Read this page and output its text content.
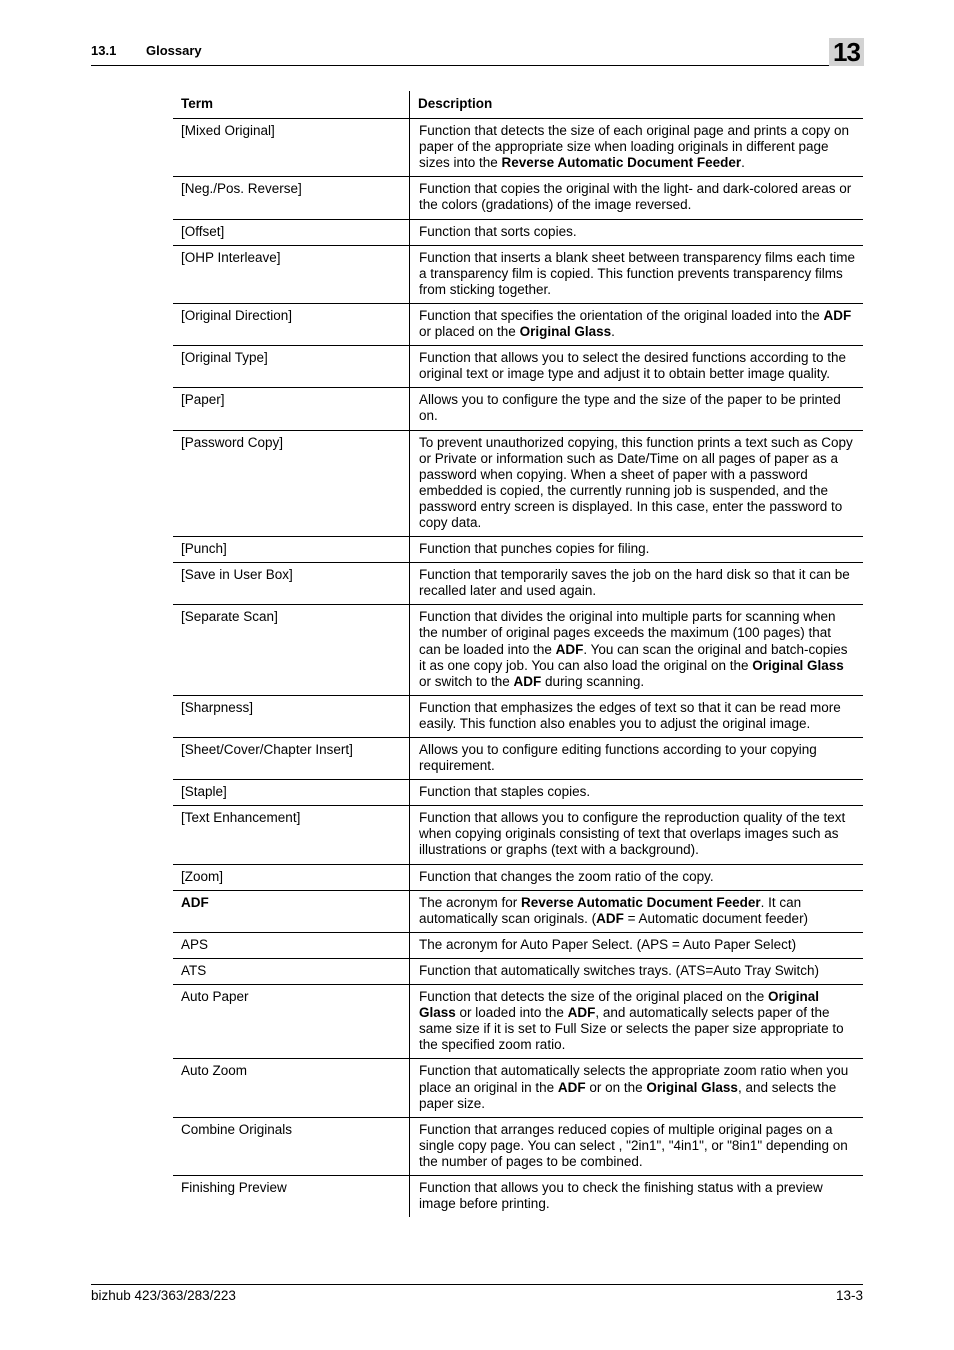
13.1 Glossary	13
Term	Description
[Mixed Original]	Function that detects the size of each original page and prints a copy on paper of the appropriate size when loading originals in different page sizes into the Reverse Automatic Document Feeder.
[Neg./Pos. Reverse]	Function that copies the original with the light- and dark-colored areas or the colors (gradations) of the image reversed.
[Offset]	Function that sorts copies.
[OHP Interleave]	Function that inserts a blank sheet between transparency films each time a transparency film is copied. This function prevents transparency films from sticking together.
[Original Direction]	Function that specifies the orientation of the original loaded into the ADF or placed on the Original Glass.
[Original Type]	Function that allows you to select the desired functions according to the original text or image type and adjust it to obtain better image quality.
[Paper]	Allows you to configure the type and the size of the paper to be printed on.
[Password Copy]	To prevent unauthorized copying, this function prints a text such as Copy or Private or information such as Date/Time on all pages of paper as a password when copying. When a sheet of paper with a password embedded is copied, the currently running job is suspended, and the password entry screen is displayed. In this case, enter the password to copy data.
[Punch]	Function that punches copies for filing.
[Save in User Box]	Function that temporarily saves the job on the hard disk so that it can be recalled later and used again.
[Separate Scan]	Function that divides the original into multiple parts for scanning when the number of original pages exceeds the maximum (100 pages) that can be loaded into the ADF. You can scan the original and batch-copies it as one copy job. You can also load the original on the Original Glass or switch to the ADF during scanning.
[Sharpness]	Function that emphasizes the edges of text so that it can be read more easily. This function also enables you to adjust the original image.
[Sheet/Cover/Chapter Insert]	Allows you to configure editing functions according to your copying requirement.
[Staple]	Function that staples copies.
[Text Enhancement]	Function that allows you to configure the reproduction quality of the text when copying originals consisting of text that overlaps images such as illustrations or graphs (text with a background).
[Zoom]	Function that changes the zoom ratio of the copy.
ADF	The acronym for Reverse Automatic Document Feeder. It can automatically scan originals. (ADF = Automatic document feeder)
APS	The acronym for Auto Paper Select. (APS = Auto Paper Select)
ATS	Function that automatically switches trays. (ATS=Auto Tray Switch)
Auto Paper	Function that detects the size of the original placed on the Original Glass or loaded into the ADF, and automatically selects paper of the same size if it is set to Full Size or selects the paper size appropriate to the specified zoom ratio.
Auto Zoom	Function that automatically selects the appropriate zoom ratio when you place an original in the ADF or on the Original Glass, and selects the paper size.
Combine Originals	Function that arranges reduced copies of multiple original pages on a single copy page. You can select , "2in1", "4in1", or "8in1" depending on the number of pages to be combined.
Finishing Preview	Function that allows you to check the finishing status with a preview image before printing.
bizhub 423/363/283/223	13-3
